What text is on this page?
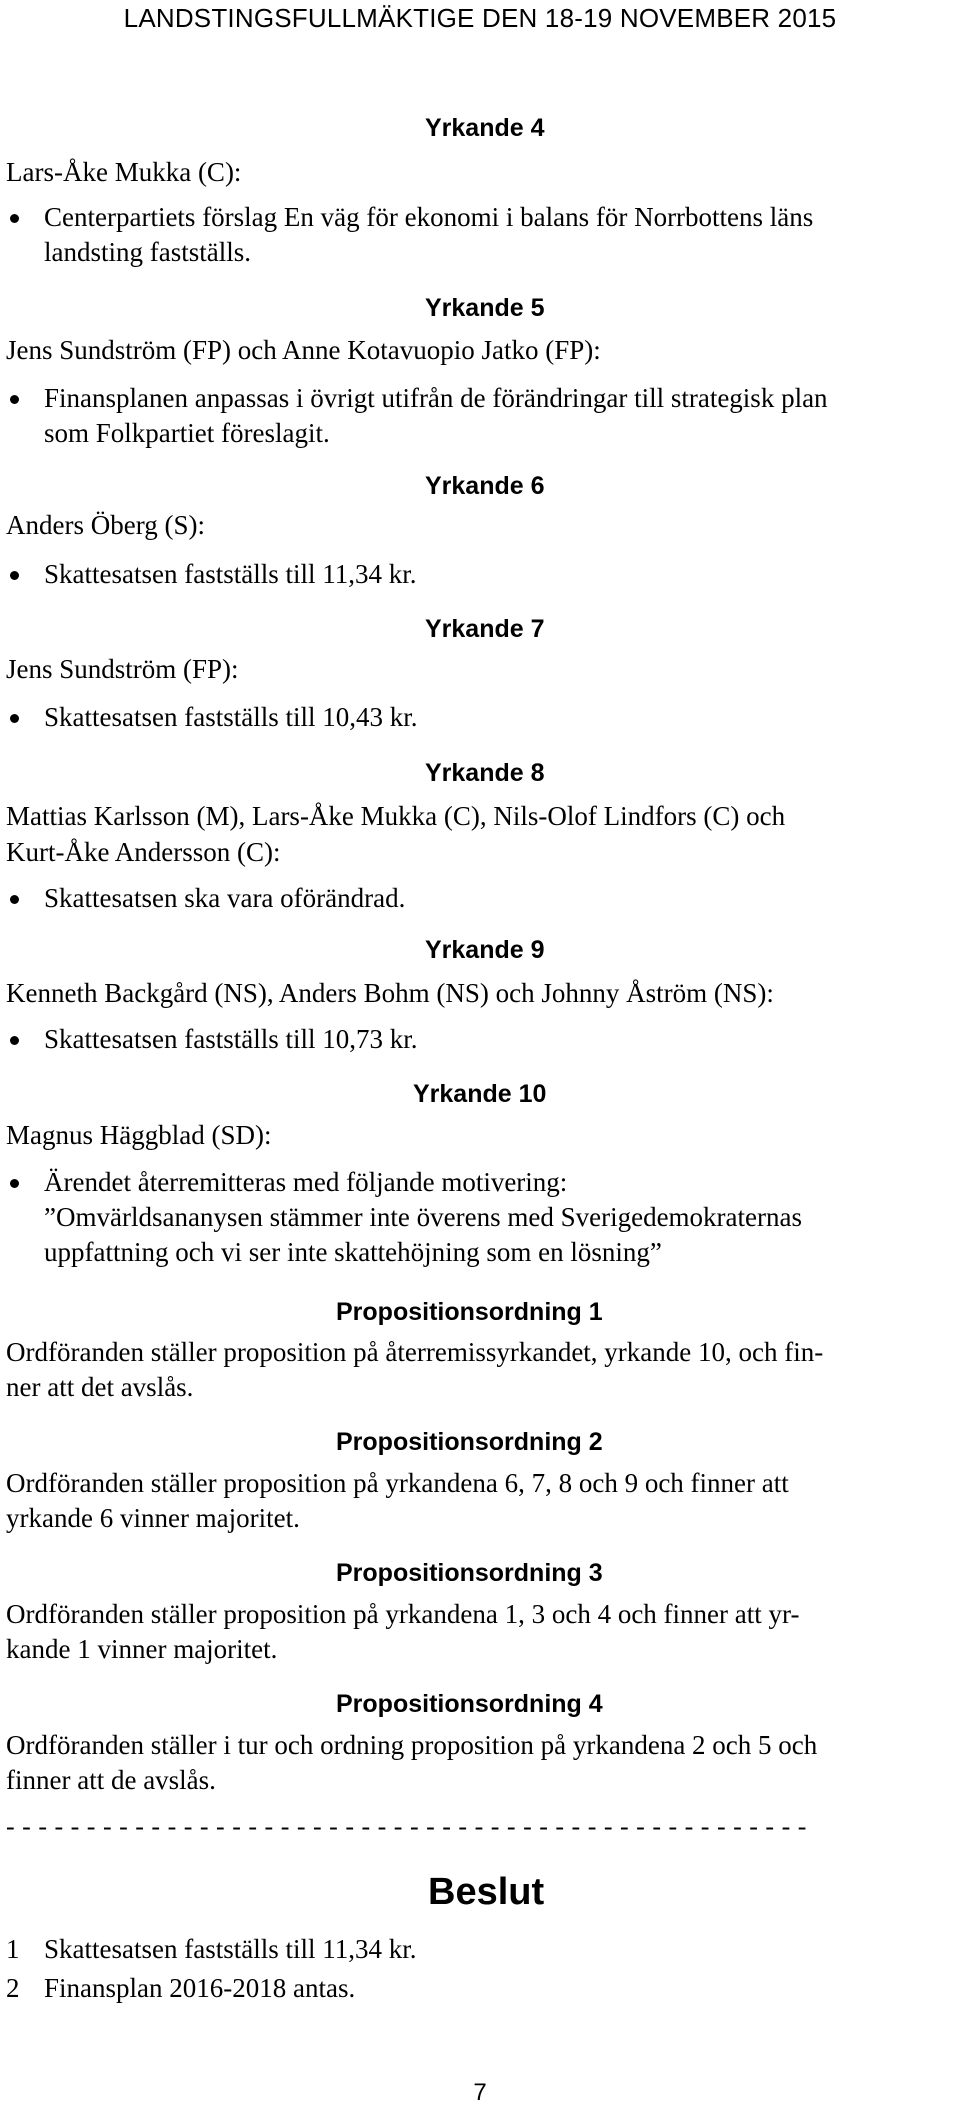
LANDSTINGSFULLMÄKTIGE DEN 18-19 NOVEMBER 2015
Yrkande 4
Lars-Åke Mukka (C):
Centerpartiets förslag En väg för ekonomi i balans för Norrbottens läns
landsting fastställs.
Yrkande 5
Jens Sundström (FP) och Anne Kotavuopio Jatko (FP):
Finansplanen anpassas i övrigt utifrån de förändringar till strategisk plan
som Folkpartiet föreslagit.
Yrkande 6
Anders Öberg (S):
Skattesatsen fastställs till 11,34 kr.
Yrkande 7
Jens Sundström (FP):
Skattesatsen fastställs till 10,43 kr.
Yrkande 8
Mattias Karlsson (M), Lars-Åke Mukka (C), Nils-Olof Lindfors (C) och
Kurt-Åke Andersson (C):
Skattesatsen ska vara oförändrad.
Yrkande 9
Kenneth Backgård (NS), Anders Bohm (NS) och Johnny Åström (NS):
Skattesatsen fastställs till 10,73 kr.
Yrkande 10
Magnus Häggblad (SD):
Ärendet återremitteras med följande motivering:
”Omvärldsananysen stämmer inte överens med Sverigedemokraternas
uppfattning och vi ser inte skattehöjning som en lösning”
Propositionsordning 1
Ordföranden ställer proposition på återremissyrkandet, yrkande 10, och fin-
ner att det avslås.
Propositionsordning 2
Ordföranden ställer proposition på yrkandena 6, 7, 8 och 9 och finner att
yrkande 6 vinner majoritet.
Propositionsordning 3
Ordföranden ställer proposition på yrkandena 1, 3 och 4 och finner att yr-
kande 1 vinner majoritet.
Propositionsordning 4
Ordföranden ställer i tur och ordning proposition på yrkandena 2 och 5 och
finner att de avslås.
- - - - - - - - - - - - - - - - - - - - - - - - - - - - - - - - - - - - - - - - - - - - - - - - - -
Beslut
1 Skattesatsen fastställs till 11,34 kr.
2 Finansplan 2016-2018 antas.
7
